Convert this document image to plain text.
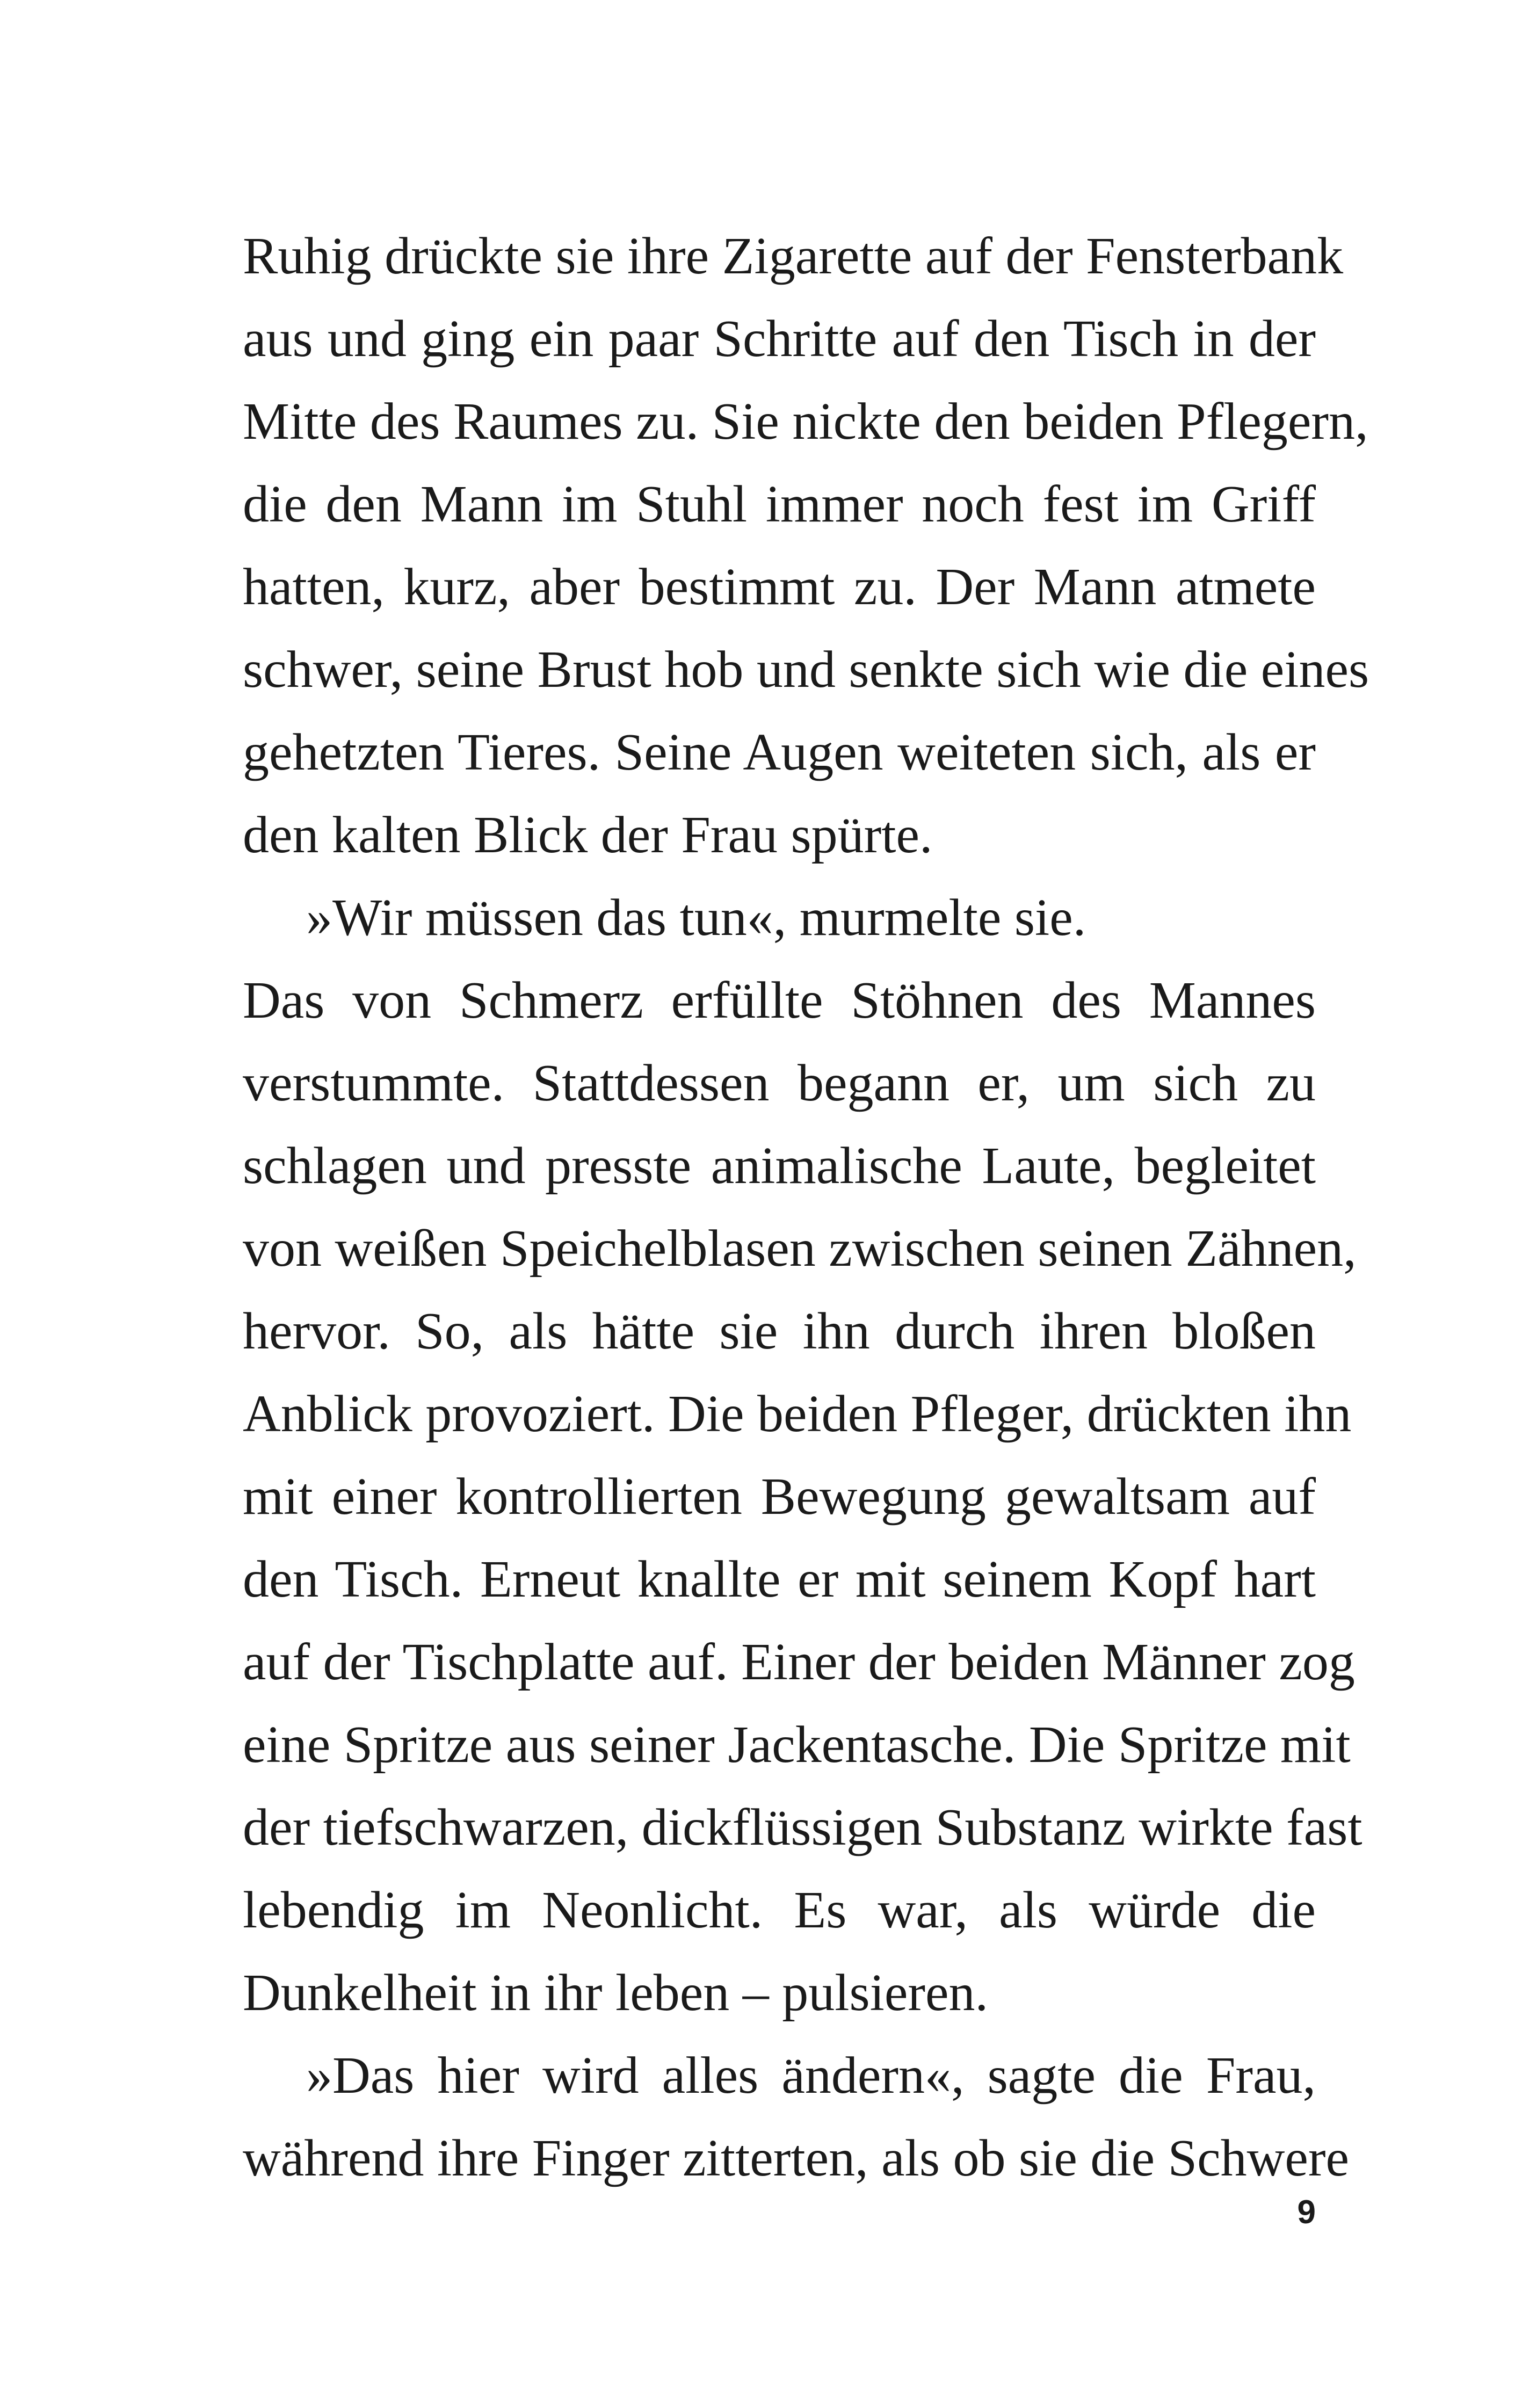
Ruhig drückte sie ihre Zigarette auf der Fensterbank
aus und ging ein paar Schritte auf den Tisch in der
Mitte des Raumes zu. Sie nickte den beiden Pflegern,
die den Mann im Stuhl immer noch fest im Griff
hatten, kurz, aber bestimmt zu. Der Mann atmete
schwer, seine Brust hob und senkte sich wie die eines
gehetzten Tieres. Seine Augen weiteten sich, als er
den kalten Blick der Frau spürte.
»Wir müssen das tun«, murmelte sie.
Das von Schmerz erfüllte Stöhnen des Mannes
verstummte. Stattdessen begann er, um sich zu
schlagen und presste animalische Laute, begleitet
von weißen Speichelblasen zwischen seinen Zähnen,
hervor. So, als hätte sie ihn durch ihren bloßen
Anblick provoziert. Die beiden Pfleger, drückten ihn
mit einer kontrollierten Bewegung gewaltsam auf
den Tisch. Erneut knallte er mit seinem Kopf hart
auf der Tischplatte auf. Einer der beiden Männer zog
eine Spritze aus seiner Jackentasche. Die Spritze mit
der tiefschwarzen, dickflüssigen Substanz wirkte fast
lebendig im Neonlicht. Es war, als würde die
Dunkelheit in ihr leben – pulsieren.
»Das hier wird alles ändern«, sagte die Frau,
während ihre Finger zitterten, als ob sie die Schwere
9
